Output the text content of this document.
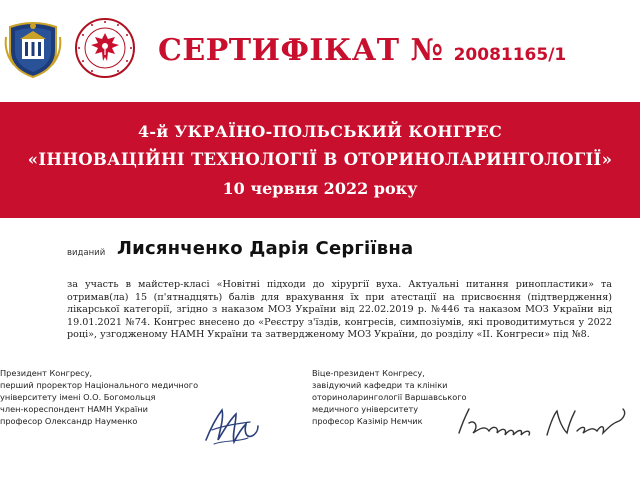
СЕРТИФІКАТ № 20081165/1
4-й УКРАЇНО-ПОЛЬСЬКИЙ КОНГРЕС
«ІННОВАЦІЙНІ ТЕХНОЛОГІЇ В ОТОРИНОЛАРИНГОЛОГІЇ»
10 червня 2022 року
виданий Лисянченко Дарія Сергіївна
за участь в майстер-класі «Новітні підходи до хірургії вуха. Актуальні питання ринопластики» та отримав(ла) 15 (п'ятнадцять) балів для врахування їх при атестації на присвоєння (підтвердження) лікарської категорії, згідно з наказом МОЗ України від 22.02.2019 р. №446 та наказом МОЗ України від 19.01.2021 №74. Конгрес внесено до «Реєстру з'їздів, конгресів, симпозіумів, які проводитимуться у 2022 році», узгодженому НАМН України та затвердженому МОЗ України, до розділу «II. Конгреси» під №8.
Президент Конгресу,
перший проректор Національного медичного
університету імені О.О. Богомольця
член-кореспондент НАМН України
професор Олександр Науменко
Віце-президент Конгресу,
завідуючий кафедри та клініки
оториноларингології Варшавського
медичного університету
професор Казімір Нємчик
